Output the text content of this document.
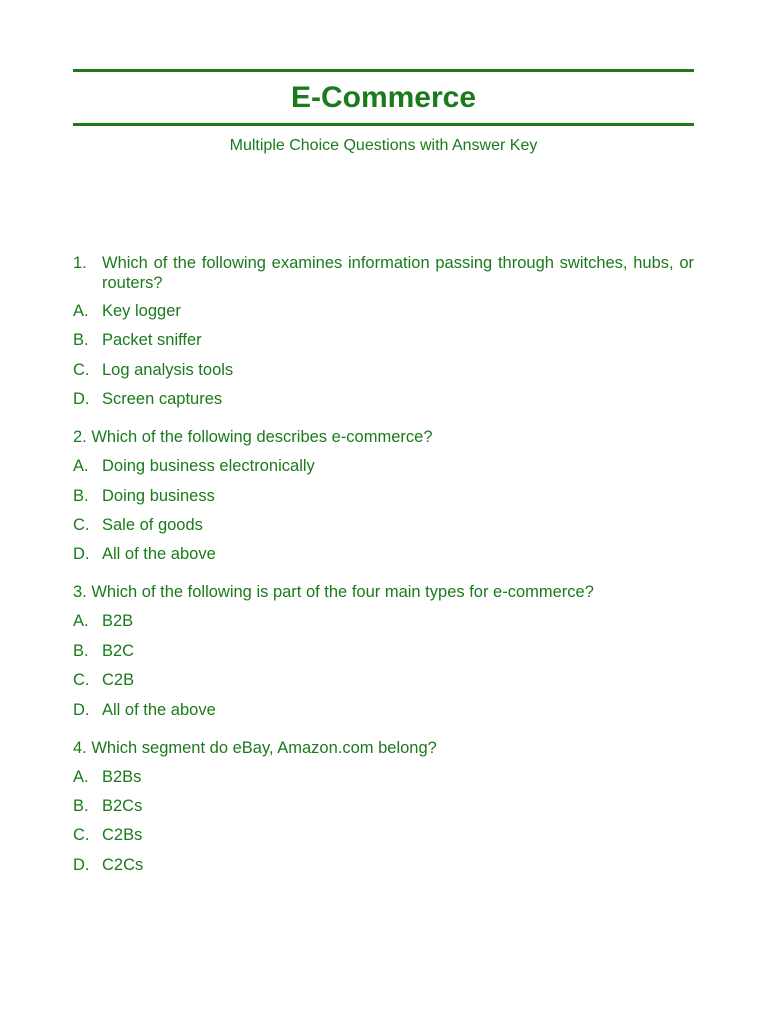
E-Commerce

Multiple Choice Questions with Answer Key

1. Which of the following examines information passing through switches, hubs, or routers?
A. Key logger
B. Packet sniffer
C. Log analysis tools
D. Screen captures
2. Which of the following describes e-commerce?
A. Doing business electronically
B. Doing business
C. Sale of goods
D. All of the above
3. Which of the following is part of the four main types for e-commerce?
A. B2B
B. B2C
C. C2B
D. All of the above
4. Which segment do eBay, Amazon.com belong?
A. B2Bs
B. B2Cs
C. C2Bs
D. C2Cs
